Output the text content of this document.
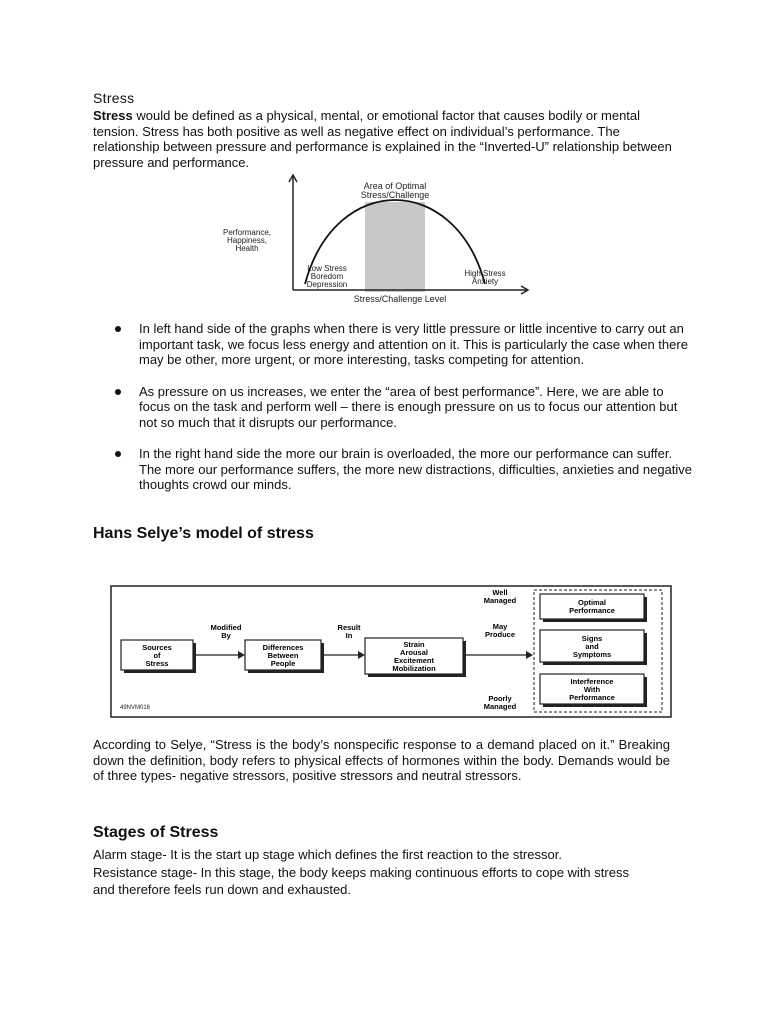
Stress
Stress would be defined as a physical, mental, or emotional factor that causes bodily or mental tension. Stress has both positive as well as negative effect on individual’s performance. The relationship between pressure and performance is explained in the “Inverted-U” relationship between pressure and performance.
Area of Optimal
Stress/Challenge
Performance,
Happiness,
Health
Low Stress
Boredom
Depression
High Stress
Anxiety
Stress/Challenge Level
In left hand side of the graphs when there is very little pressure or little incentive to carry out an important task, we focus less energy and attention on it. This is particularly the case when there may be other, more urgent, or more interesting, tasks competing for attention.
As pressure on us increases, we enter the “area of best performance”. Here, we are able to focus on the task and perform well – there is enough pressure on us to focus our attention but not so much that it disrupts our performance.
In the right hand side the more our brain is overloaded, the more our performance can suffer. The more our performance suffers, the more new distractions, difficulties, anxieties and negative thoughts crowd our minds.
Hans Selye’s model of stress
Sources
of
Stress
Modified
By
Differences
Between
People
Result
In
Strain
Arousal
Excitement
Mobilization
May
Produce
Well
Managed
Poorly
Managed
Optimal
Performance
Signs
and
Symptoms
Interference
With
Performance
49NVM016
According to Selye, “Stress is the body’s nonspecific response to a demand placed on it.” Breaking down the definition, body refers to physical effects of hormones within the body. Demands would be of three types- negative stressors, positive stressors and neutral stressors.
Stages of Stress
Alarm stage- It is the start up stage which defines the first reaction to the stressor.
Resistance stage- In this stage, the body keeps making continuous efforts to cope with stress and therefore feels run down and exhausted.
